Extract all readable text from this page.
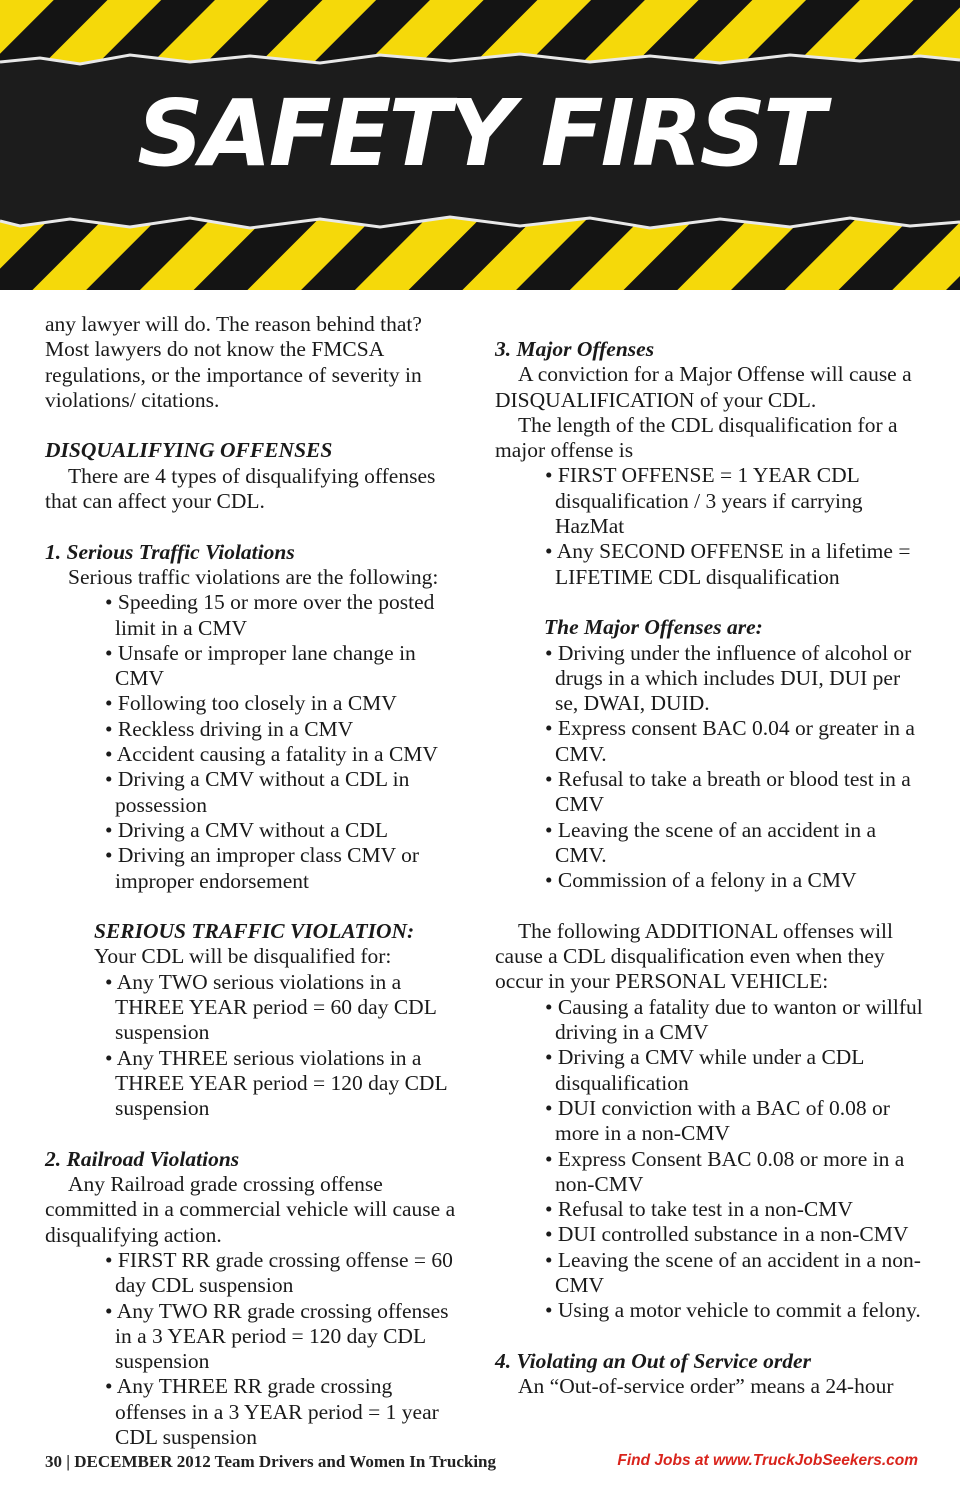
SAFETY FIRST

any lawyer will do. The reason behind that? Most lawyers do not know the FMCSA regulations, or the importance of severity in violations/ citations.

DISQUALIFYING OFFENSES

There are 4 types of disqualifying offenses that can affect your CDL.

1. Serious Traffic Violations

Serious traffic violations are the following:

• Speeding 15 or more over the posted limit in a CMV
• Unsafe or improper lane change in CMV
• Following too closely in a CMV
• Reckless driving in a CMV
• Accident causing a fatality in a CMV
• Driving a CMV without a CDL in possession
• Driving a CMV without a CDL
• Driving an improper class CMV or improper endorsement

SERIOUS TRAFFIC VIOLATION:

Your CDL will be disqualified for:

• Any TWO serious violations in a THREE YEAR period = 60 day CDL suspension
• Any THREE serious violations in a THREE YEAR period = 120 day CDL suspension

2. Railroad Violations

Any Railroad grade crossing offense committed in a commercial vehicle will cause a disqualifying action.

• FIRST RR grade crossing offense = 60 day CDL suspension
• Any TWO RR grade crossing offenses in a 3 YEAR period = 120 day CDL suspension
• Any THREE RR grade crossing offenses in a 3 YEAR period = 1 year CDL suspension

3. Major Offenses

A conviction for a Major Offense will cause a DISQUALIFICATION of your CDL.

The length of the CDL disqualification for a major offense is

• FIRST OFFENSE = 1 YEAR CDL disqualification / 3 years if carrying HazMat
• Any SECOND OFFENSE in a lifetime = LIFETIME CDL disqualification

The Major Offenses are:

• Driving under the influence of alcohol or drugs in a which includes DUI, DUI per se, DWAI, DUID.
• Express consent BAC 0.04 or greater in a CMV.
• Refusal to take a breath or blood test in a CMV
• Leaving the scene of an accident in a CMV.
• Commission of a felony in a CMV

The following ADDITIONAL offenses will cause a CDL disqualification even when they occur in your PERSONAL VEHICLE:

• Causing a fatality due to wanton or willful driving in a CMV
• Driving a CMV while under a CDL disqualification
• DUI conviction with a BAC of 0.08 or more in a non-CMV
• Express Consent BAC 0.08 or more in a non-CMV
• Refusal to take test in a non-CMV
• DUI controlled substance in a non-CMV
• Leaving the scene of an accident in a non-CMV
• Using a motor vehicle to commit a felony.

4. Violating an Out of Service order

An “Out-of-service order” means a 24-hour

30 | DECEMBER 2012 Team Drivers and Women In Trucking	Find Jobs at www.TruckJobSeekers.com
